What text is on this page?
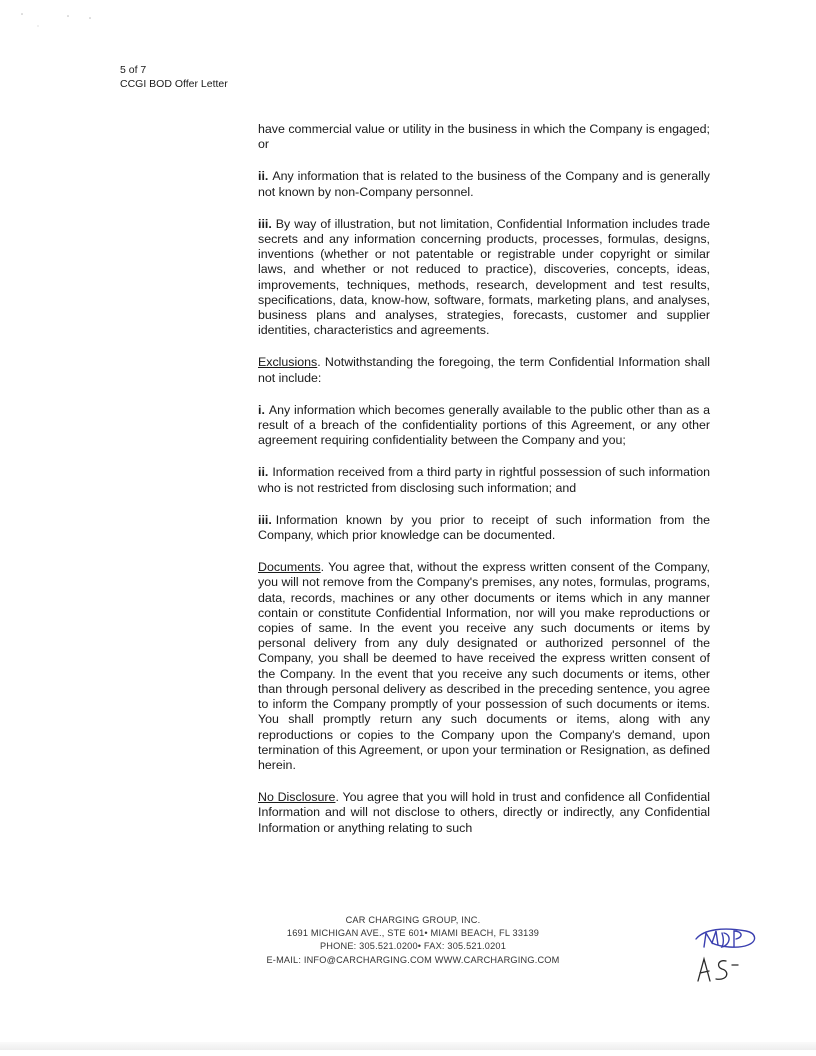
5 of 7
CCGI BOD Offer Letter

have commercial value or utility in the business in which the Company is engaged; or

ii. Any information that is related to the business of the Company and is generally not known by non-Company personnel.

iii. By way of illustration, but not limitation, Confidential Information includes trade secrets and any information concerning products, processes, formulas, designs, inventions (whether or not patentable or registrable under copyright or similar laws, and whether or not reduced to practice), discoveries, concepts, ideas, improvements, techniques, methods, research, development and test results, specifications, data, know-how, software, formats, marketing plans, and analyses, business plans and analyses, strategies, forecasts, customer and supplier identities, characteristics and agreements.

Exclusions. Notwithstanding the foregoing, the term Confidential Information shall not include:

i. Any information which becomes generally available to the public other than as a result of a breach of the confidentiality portions of this Agreement, or any other agreement requiring confidentiality between the Company and you;

ii. Information received from a third party in rightful possession of such information who is not restricted from disclosing such information; and

iii. Information known by you prior to receipt of such information from the Company, which prior knowledge can be documented.

Documents. You agree that, without the express written consent of the Company, you will not remove from the Company's premises, any notes, formulas, programs, data, records, machines or any other documents or items which in any manner contain or constitute Confidential Information, nor will you make reproductions or copies of same. In the event you receive any such documents or items by personal delivery from any duly designated or authorized personnel of the Company, you shall be deemed to have received the express written consent of the Company. In the event that you receive any such documents or items, other than through personal delivery as described in the preceding sentence, you agree to inform the Company promptly of your possession of such documents or items. You shall promptly return any such documents or items, along with any reproductions or copies to the Company upon the Company's demand, upon termination of this Agreement, or upon your termination or Resignation, as defined herein.

No Disclosure. You agree that you will hold in trust and confidence all Confidential Information and will not disclose to others, directly or indirectly, any Confidential Information or anything relating to such

CAR CHARGING GROUP, INC.
1691 MICHIGAN AVE., STE 601• MIAMI BEACH, FL 33139
PHONE: 305.521.0200• FAX: 305.521.0201
E-MAIL: INFO@CARCHARGING.COM WWW.CARCHARGING.COM
